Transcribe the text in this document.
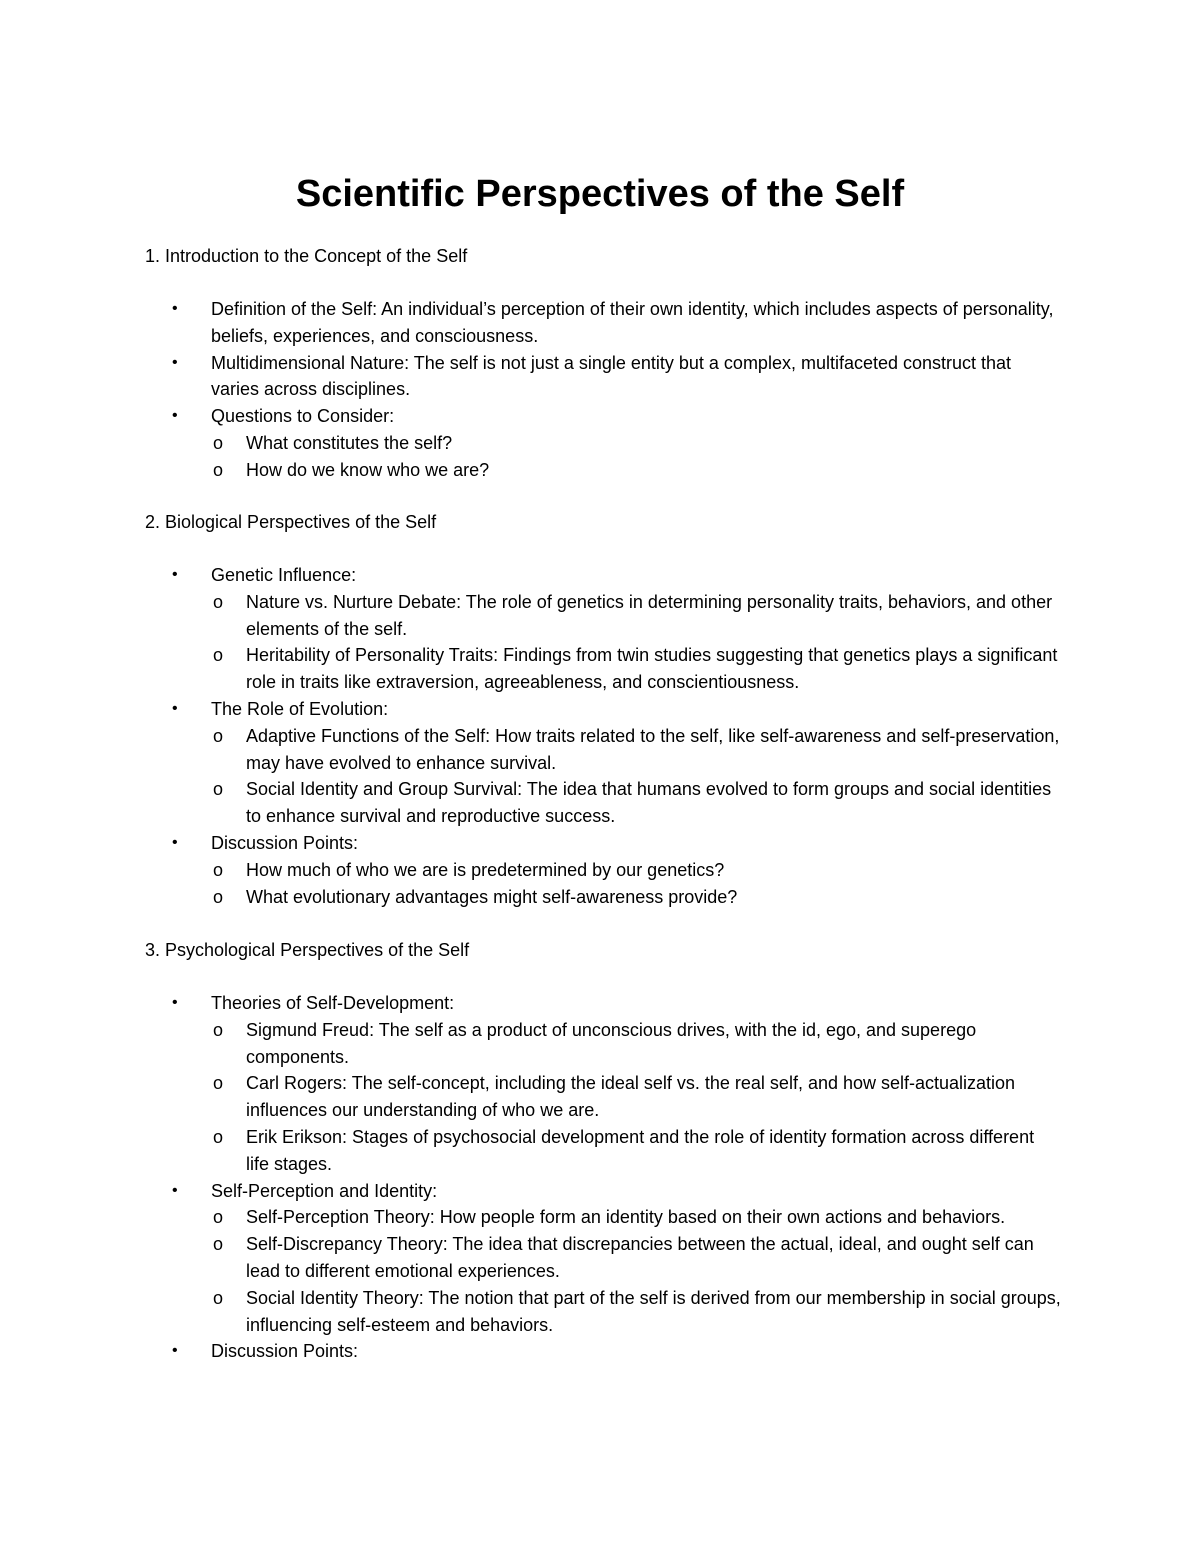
Scientific Perspectives of the Self

1. Introduction to the Concept of the Self

• Definition of the Self: An individual’s perception of their own identity, which includes aspects of personality, beliefs, experiences, and consciousness.
• Multidimensional Nature: The self is not just a single entity but a complex, multifaceted construct that varies across disciplines.
• Questions to Consider:
o What constitutes the self?
o How do we know who we are?

2. Biological Perspectives of the Self

• Genetic Influence:
o Nature vs. Nurture Debate: The role of genetics in determining personality traits, behaviors, and other elements of the self.
o Heritability of Personality Traits: Findings from twin studies suggesting that genetics plays a significant role in traits like extraversion, agreeableness, and conscientiousness.
• The Role of Evolution:
o Adaptive Functions of the Self: How traits related to the self, like self-awareness and self-preservation, may have evolved to enhance survival.
o Social Identity and Group Survival: The idea that humans evolved to form groups and social identities to enhance survival and reproductive success.
• Discussion Points:
o How much of who we are is predetermined by our genetics?
o What evolutionary advantages might self-awareness provide?

3. Psychological Perspectives of the Self

• Theories of Self-Development:
o Sigmund Freud: The self as a product of unconscious drives, with the id, ego, and superego components.
o Carl Rogers: The self-concept, including the ideal self vs. the real self, and how self-actualization influences our understanding of who we are.
o Erik Erikson: Stages of psychosocial development and the role of identity formation across different life stages.
• Self-Perception and Identity:
o Self-Perception Theory: How people form an identity based on their own actions and behaviors.
o Self-Discrepancy Theory: The idea that discrepancies between the actual, ideal, and ought self can lead to different emotional experiences.
o Social Identity Theory: The notion that part of the self is derived from our membership in social groups, influencing self-esteem and behaviors.
• Discussion Points:
